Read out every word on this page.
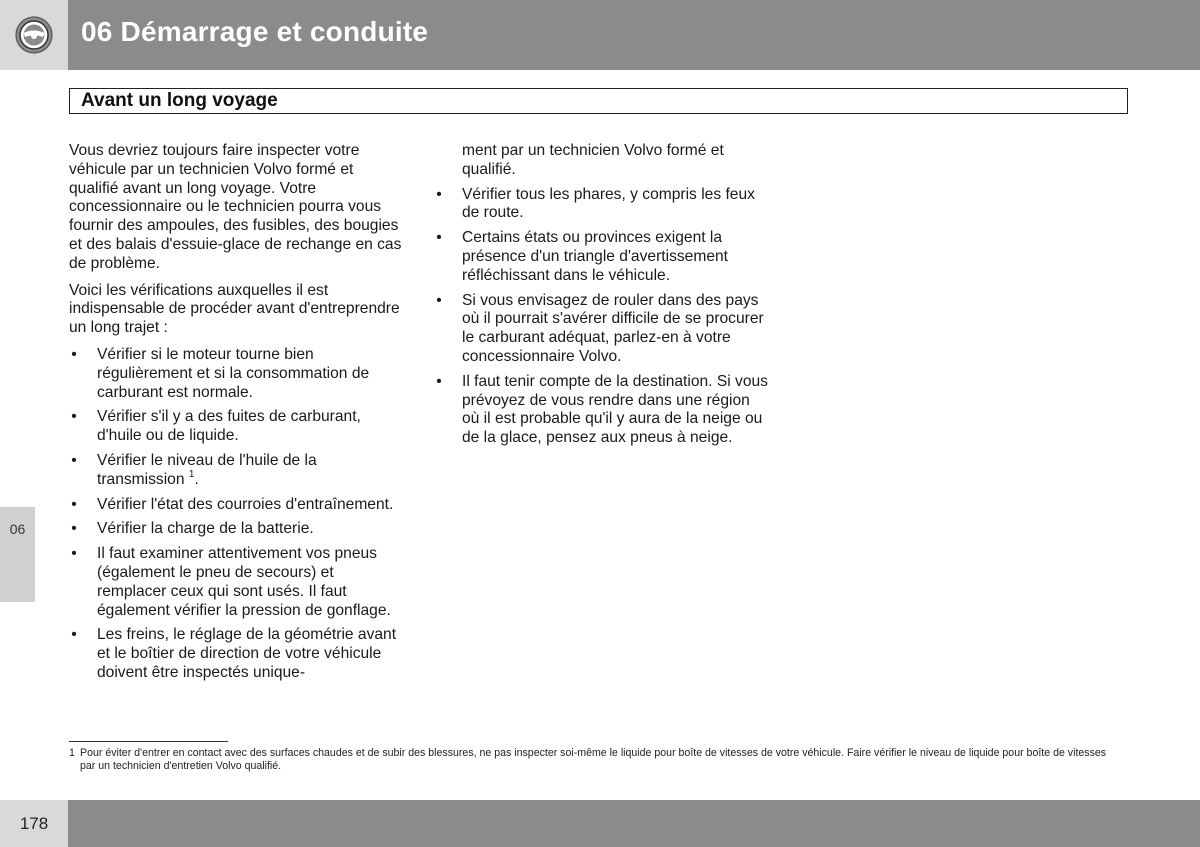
06 Démarrage et conduite
Avant un long voyage

Vous devriez toujours faire inspecter votre véhicule par un technicien Volvo formé et qualifié avant un long voyage. Votre concessionnaire ou le technicien pourra vous fournir des ampoules, des fusibles, des bougies et des balais d'essuie-glace de rechange en cas de problème.

Voici les vérifications auxquelles il est indispensable de procéder avant d'entreprendre un long trajet :

• Vérifier si le moteur tourne bien régulièrement et si la consommation de carburant est normale.
• Vérifier s'il y a des fuites de carburant, d'huile ou de liquide.
• Vérifier le niveau de l'huile de la transmission $^1$.
• Vérifier l'état des courroies d'entraînement.
• Vérifier la charge de la batterie.
• Il faut examiner attentivement vos pneus (également le pneu de secours) et remplacer ceux qui sont usés. Il faut également vérifier la pression de gonflage.
• Les freins, le réglage de la géométrie avant et le boîtier de direction de votre véhicule doivent être inspectés unique-

ment par un technicien Volvo formé et qualifié.

• Vérifier tous les phares, y compris les feux de route.
• Certains états ou provinces exigent la présence d'un triangle d'avertissement réfléchissant dans le véhicule.
• Si vous envisagez de rouler dans des pays où il pourrait s'avérer difficile de se procurer le carburant adéquat, parlez-en à votre concessionnaire Volvo.
• Il faut tenir compte de la destination. Si vous prévoyez de vous rendre dans une région où il est probable qu'il y aura de la neige ou de la glace, pensez aux pneus à neige.
06
1 Pour éviter d'entrer en contact avec des surfaces chaudes et de subir des blessures, ne pas inspecter soi-même le liquide pour boîte de vitesses de votre véhicule. Faire vérifier le niveau de liquide pour boîte de vitesses par un technicien d'entretien Volvo qualifié.
178
